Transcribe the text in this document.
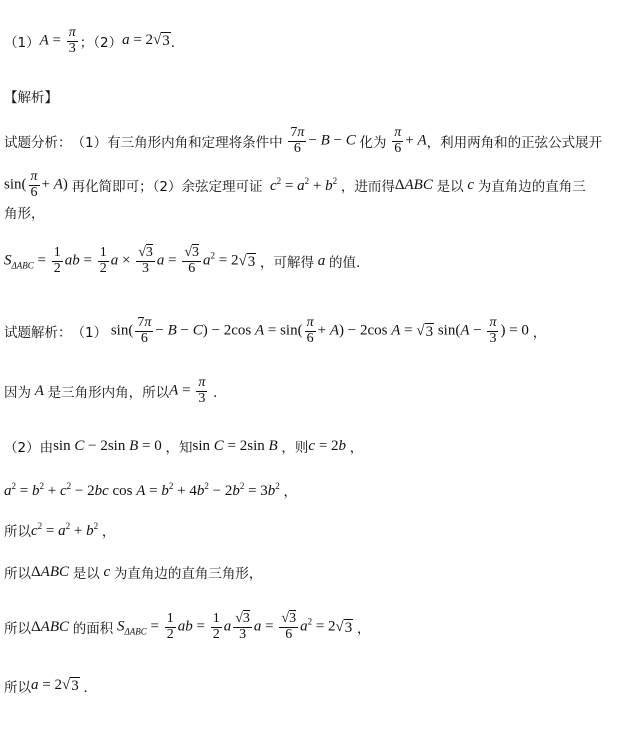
（1） $A = \frac{\pi}{3}$ ；（2） a = 2 √ 3 ．
【解析】
试题分析： （1）有三角形内角和定理将条件中
$\frac{7\pi}{6} - B - C$ 化为
$\frac{\pi}{6} + A$ ，利用两角和的正弦公式展开
$\sin( \frac{\pi}{6} + A)$ 再化简即可；（2）余弦定理可证 $c^2 = a^2 + b^2$ ，进而得 ΔABC 是以 c 为直角边的直角三
角形，
$S_{\Delta ABC} = \frac{1}{2}$ ab = $\frac{1}{2}$ $a \times \frac{√3}{3}$ $a = \frac{√3}{6} a^2 = 2$ √ 3
，可解得 a 的值.
试题解析： （1） $\sin( \frac{7\pi}{6} - B - C) - 2\cos$ $A = \sin( \frac{\pi}{6} + A) - 2\cos$ A = √ 3 $\sin(A - \frac{\pi}{3}$ ) = 0 ，
因为 A 是三角形内角，所以 $A = \frac{\pi}{3}$
．
（2）由 sin C − 2sin B = 0 ，知 sin C = 2sin B ，则 c = 2b ，
$a^2 = b^2 + c^2 - 2bc$ $\cos A = b^2 + 4b^2 - 2b^2 = 3b^2$ ，
所以 $c^2 = a^2 + b^2$ ，
所以 ΔABC 是以 c 为直角边的直角三角形，
所以 ΔABC 的面积 $S_{\Delta ABC} = \frac{1}{2}$ ab = $\frac{1}{2}$ a $\frac{√3}{3}$ $a = \frac{√3}{6} a^2 = 2$ √ 3
，
所以 a = 2 √ 3
．
